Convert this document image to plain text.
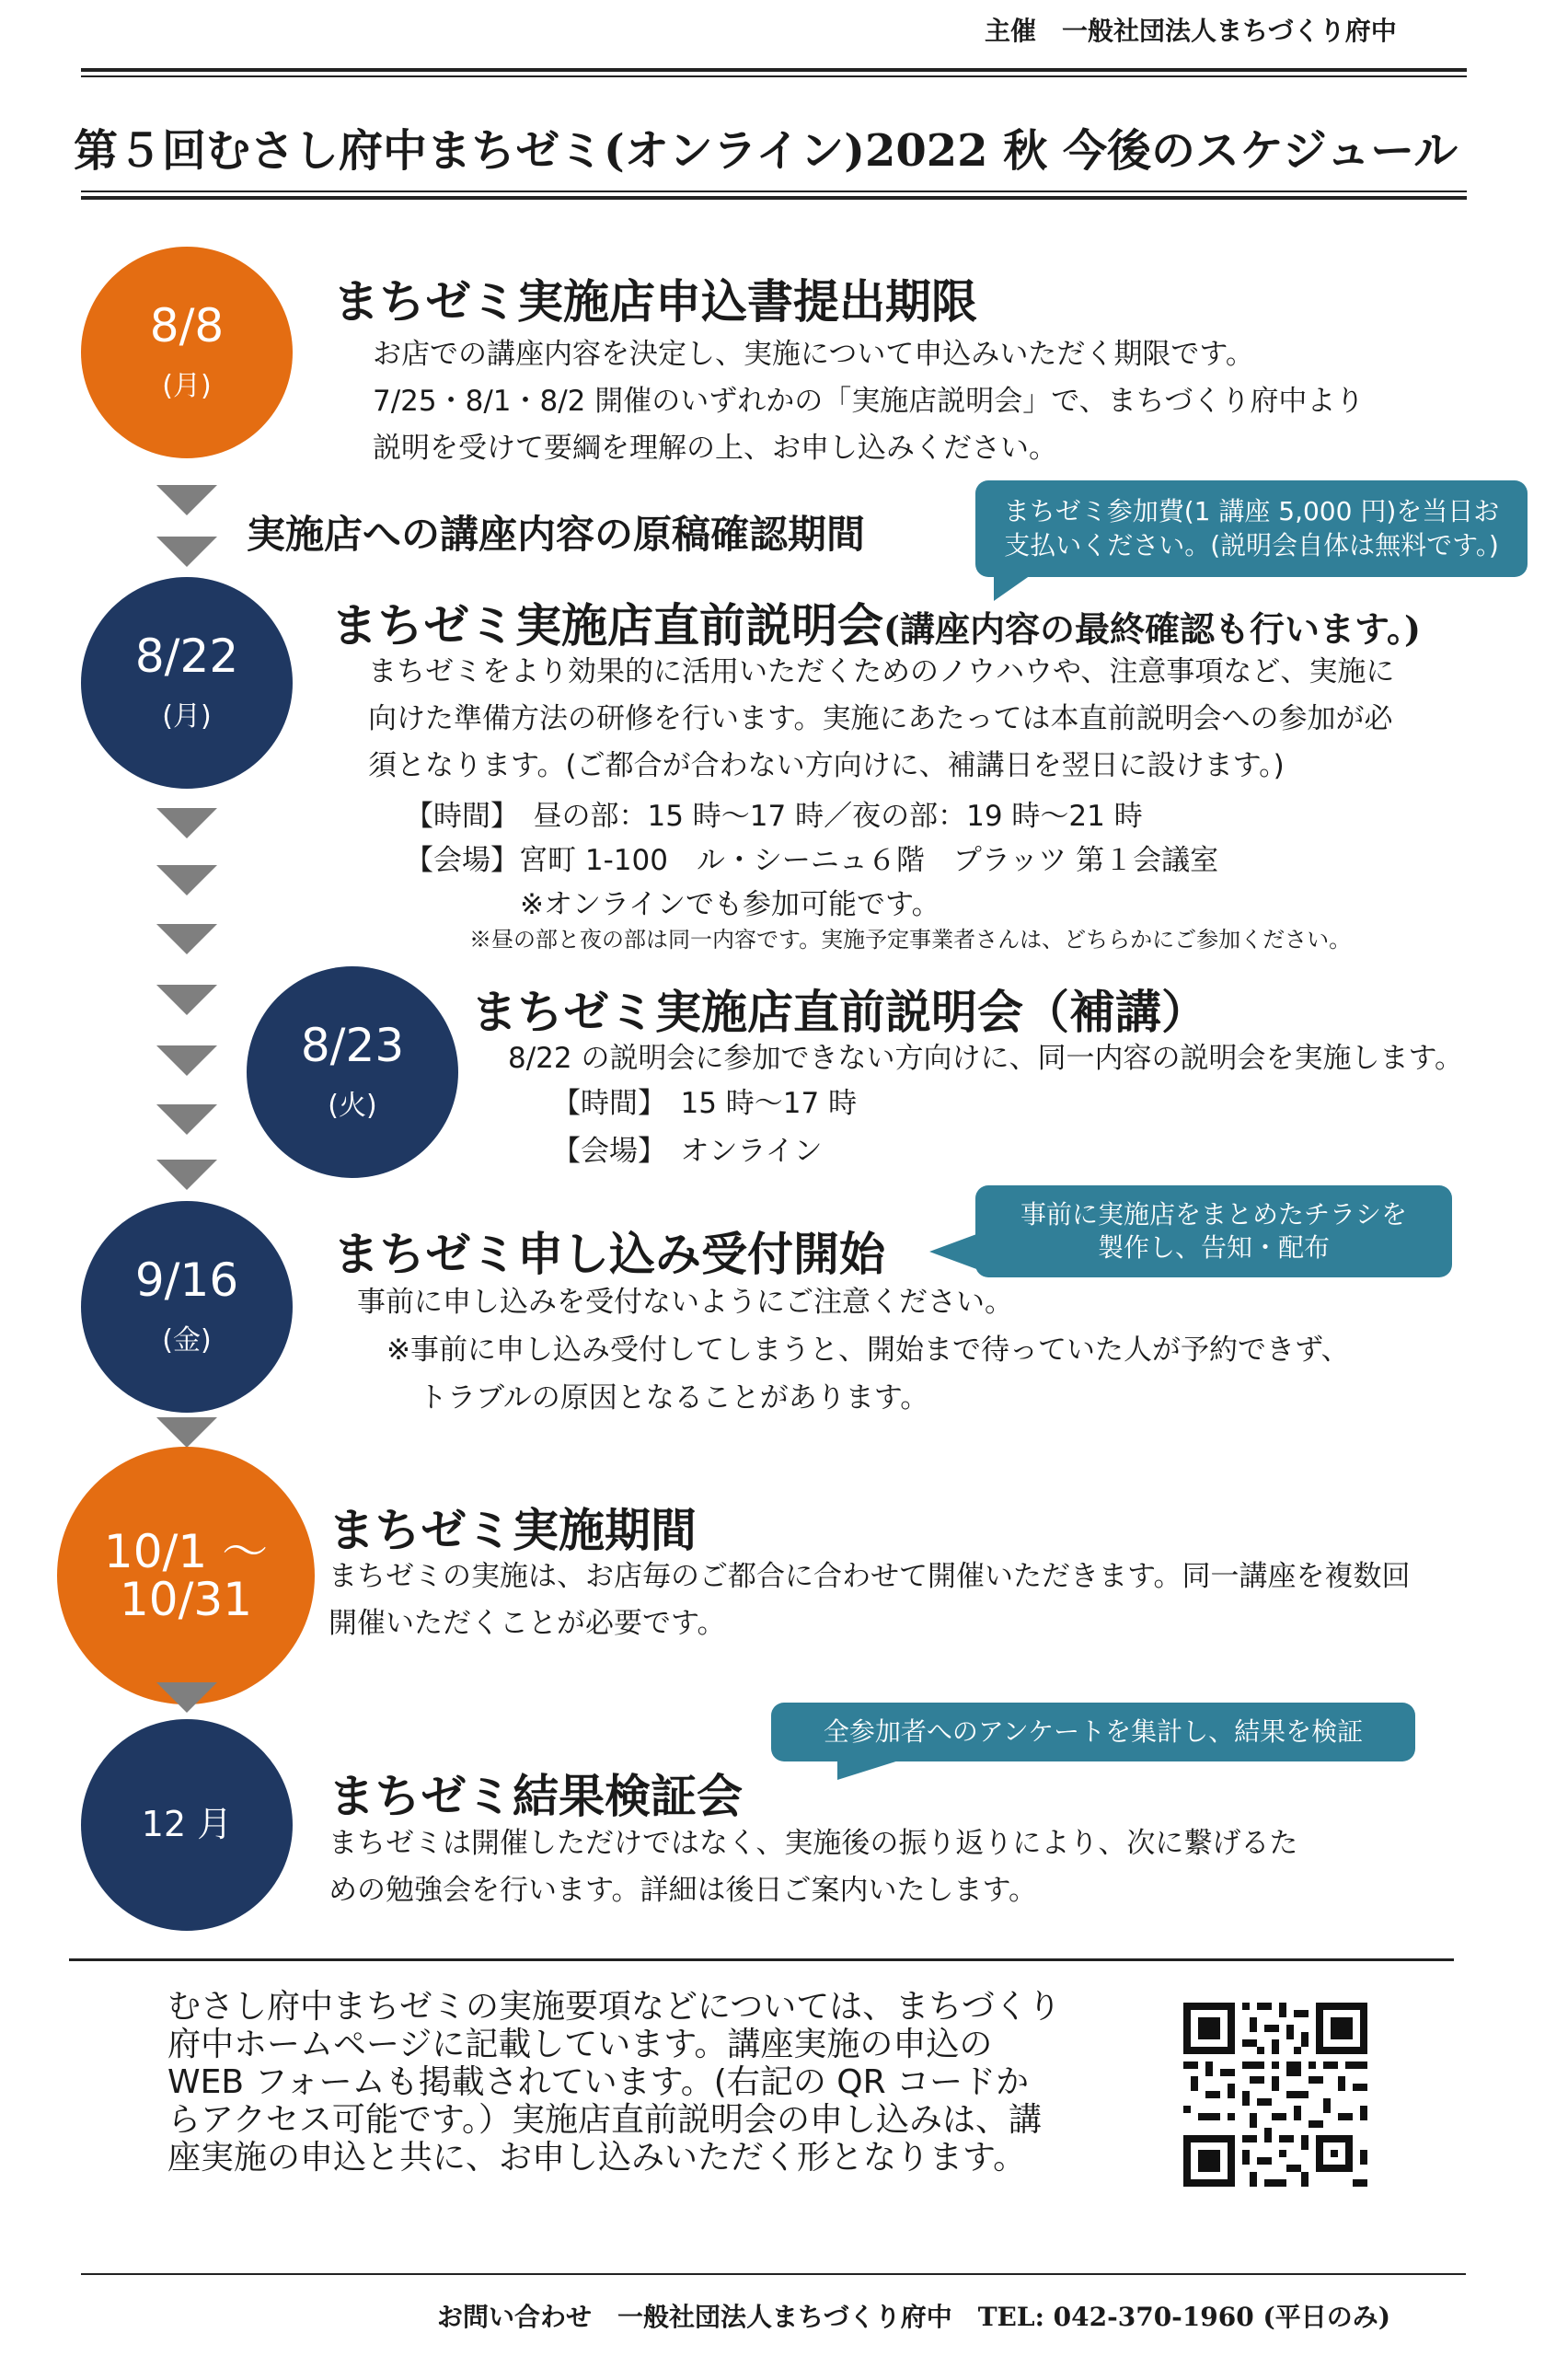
主催　一般社団法人まちづくり府中
第５回むさし府中まちゼミ(オンライン)2022 秋 今後のスケジュール
8/8
(月)
まちゼミ実施店申込書提出期限
お店での講座内容を決定し、実施について申込みいただく期限です。
7/25・8/1・8/2 開催のいずれかの「実施店説明会」で、まちづくり府中より
説明を受けて要綱を理解の上、お申し込みください。
実施店への講座内容の原稿確認期間
まちゼミ参加費(1 講座 5,000 円)を当日お
支払いください。(説明会自体は無料です。)
8/22
(月)
まちゼミ実施店直前説明会(講座内容の最終確認も行います。)
まちゼミをより効果的に活用いただくためのノウハウや、注意事項など、実施に
向けた準備方法の研修を行います。実施にあたっては本直前説明会への参加が必
須となります。(ご都合が合わない方向けに、補講日を翌日に設けます。)
【時間】　昼の部：15 時～17 時／夜の部：19 時～21 時
【会場】宮町 1-100　ル・シーニュ６階　プラッツ 第１会議室
※オンラインでも参加可能です。
※昼の部と夜の部は同一内容です。実施予定事業者さんは、どちらかにご参加ください。
8/23
(火)
まちゼミ実施店直前説明会（補講）
8/22 の説明会に参加できない方向けに、同一内容の説明会を実施します。
【時間】　15 時～17 時
【会場】　オンライン
9/16
(金)
まちゼミ申し込み受付開始
事前に申し込みを受付ないようにご注意ください。
※事前に申し込み受付してしまうと、開始まで待っていた人が予約できず、
トラブルの原因となることがあります。
事前に実施店をまとめたチラシを
製作し、告知・配布
10/1 ～
10/31
まちゼミ実施期間
まちゼミの実施は、お店毎のご都合に合わせて開催いただきます。同一講座を複数回
開催いただくことが必要です。
全参加者へのアンケートを集計し、結果を検証
12 月
まちゼミ結果検証会
まちゼミは開催しただけではなく、実施後の振り返りにより、次に繋げるた
めの勉強会を行います。詳細は後日ご案内いたします。
むさし府中まちゼミの実施要項などについては、まちづくり
府中ホームページに記載しています。講座実施の申込の
WEB フォームも掲載されています。(右記の QR コードか
らアクセス可能です。）実施店直前説明会の申し込みは、講
座実施の申込と共に、お申し込みいただく形となります。
お問い合わせ　一般社団法人まちづくり府中　TEL: 042-370-1960 (平日のみ)
